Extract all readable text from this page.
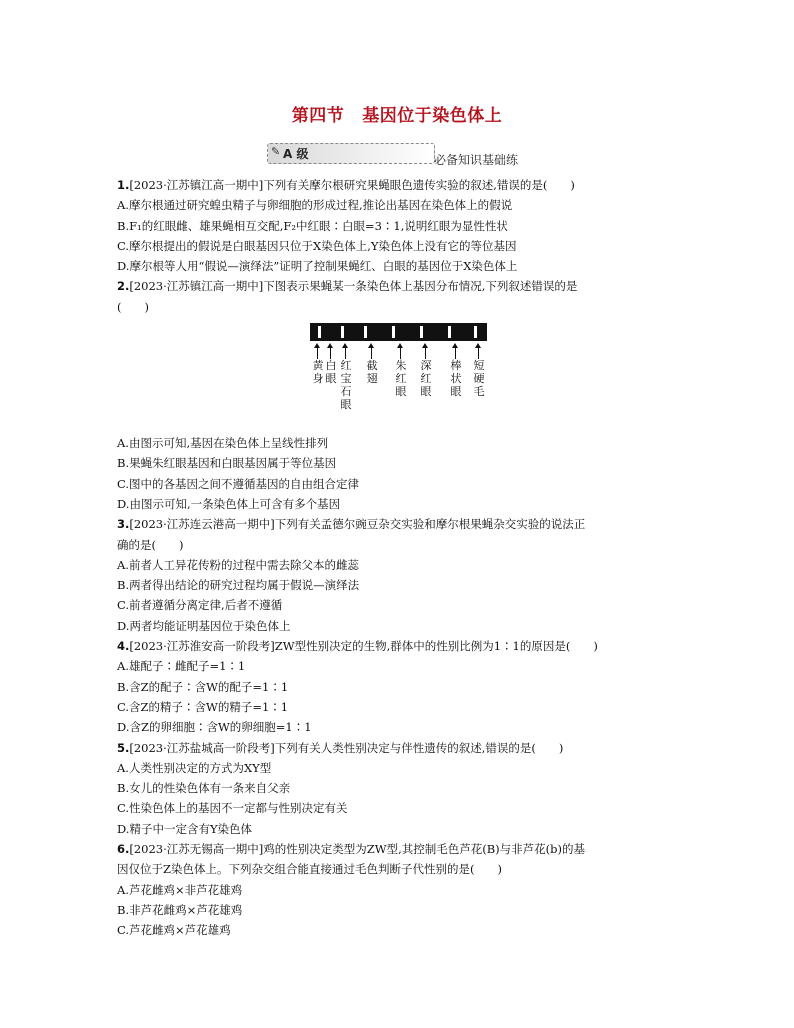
第四节 基因位于染色体上
✎ A 级	必备知识基础练
1.[2023·江苏镇江高一期中]下列有关摩尔根研究果蝇眼色遗传实验的叙述,错误的是(　　)
A.摩尔根通过研究蝗虫精子与卵细胞的形成过程,推论出基因在染色体上的假说
B.F₁的红眼雌、雄果蝇相互交配,F₂中红眼∶白眼=3∶1,说明红眼为显性性状
C.摩尔根提出的假说是白眼基因只位于X染色体上,Y染色体上没有它的等位基因
D.摩尔根等人用“假说—演绎法”证明了控制果蝇红、白眼的基因位于X染色体上
2.[2023·江苏镇江高一期中]下图表示果蝇某一条染色体上基因分布情况,下列叙述错误的是
(　　)
黄身
白眼
红宝石眼
截翅
朱红眼
深红眼
棒状眼
短硬毛
A.由图示可知,基因在染色体上呈线性排列
B.果蝇朱红眼基因和白眼基因属于等位基因
C.图中的各基因之间不遵循基因的自由组合定律
D.由图示可知,一条染色体上可含有多个基因
3.[2023·江苏连云港高一期中]下列有关孟德尔豌豆杂交实验和摩尔根果蝇杂交实验的说法正
确的是(　　)
A.前者人工异花传粉的过程中需去除父本的雌蕊
B.两者得出结论的研究过程均属于假说—演绎法
C.前者遵循分离定律,后者不遵循
D.两者均能证明基因位于染色体上
4.[2023·江苏淮安高一阶段考]ZW型性别决定的生物,群体中的性别比例为1∶1的原因是(　　)
A.雄配子∶雌配子=1∶1
B.含Z的配子∶含W的配子=1∶1
C.含Z的精子∶含W的精子=1∶1
D.含Z的卵细胞∶含W的卵细胞=1∶1
5.[2023·江苏盐城高一阶段考]下列有关人类性别决定与伴性遗传的叙述,错误的是(　　)
A.人类性别决定的方式为XY型
B.女儿的性染色体有一条来自父亲
C.性染色体上的基因不一定都与性别决定有关
D.精子中一定含有Y染色体
6.[2023·江苏无锡高一期中]鸡的性别决定类型为ZW型,其控制毛色芦花(B)与非芦花(b)的基
因仅位于Z染色体上。下列杂交组合能直接通过毛色判断子代性别的是(　　)
A.芦花雌鸡×非芦花雄鸡
B.非芦花雌鸡×芦花雄鸡
C.芦花雌鸡×芦花雄鸡
